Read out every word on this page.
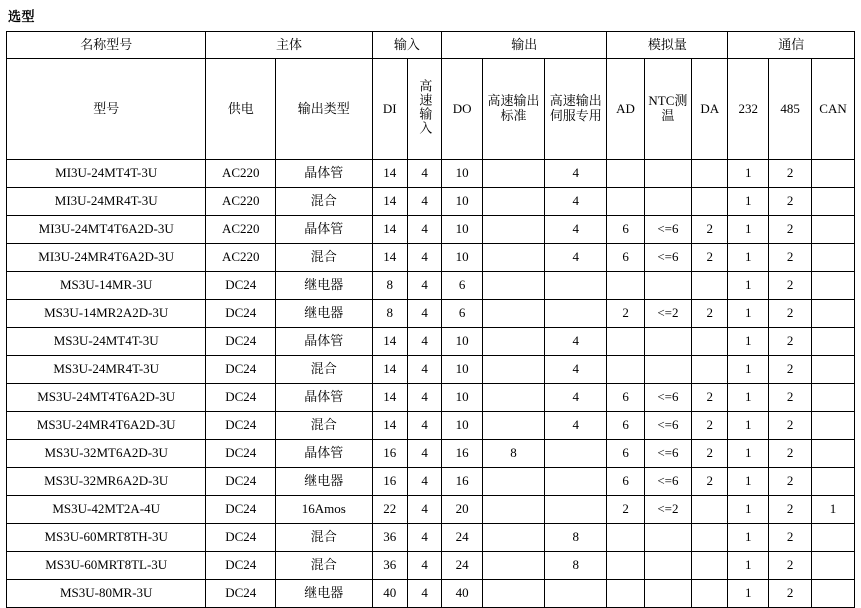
选型
名称型号	主体		输入		输出			模拟量			通信		
型号	供电	输出类型	DI	高速输入	DO	高速输出标准	高速输出伺服专用	AD	NTC测温	DA	232	485	CAN
MI3U-24MT4T-3U	AC220	晶体管	14	4	10		4				1	2	
MI3U-24MR4T-3U	AC220	混合	14	4	10		4				1	2	
MI3U-24MT4T6A2D-3U	AC220	晶体管	14	4	10		4	6	<=6	2	1	2	
MI3U-24MR4T6A2D-3U	AC220	混合	14	4	10		4	6	<=6	2	1	2	
MS3U-14MR-3U	DC24	继电器	8	4	6						1	2	
MS3U-14MR2A2D-3U	DC24	继电器	8	4	6			2	<=2	2	1	2	
MS3U-24MT4T-3U	DC24	晶体管	14	4	10		4				1	2	
MS3U-24MR4T-3U	DC24	混合	14	4	10		4				1	2	
MS3U-24MT4T6A2D-3U	DC24	晶体管	14	4	10		4	6	<=6	2	1	2	
MS3U-24MR4T6A2D-3U	DC24	混合	14	4	10		4	6	<=6	2	1	2	
MS3U-32MT6A2D-3U	DC24	晶体管	16	4	16	8		6	<=6	2	1	2	
MS3U-32MR6A2D-3U	DC24	继电器	16	4	16			6	<=6	2	1	2	
MS3U-42MT2A-4U	DC24	16Amos	22	4	20			2	<=2		1	2	1
MS3U-60MRT8TH-3U	DC24	混合	36	4	24		8				1	2	
MS3U-60MRT8TL-3U	DC24	混合	36	4	24		8				1	2	
MS3U-80MR-3U	DC24	继电器	40	4	40						1	2	
